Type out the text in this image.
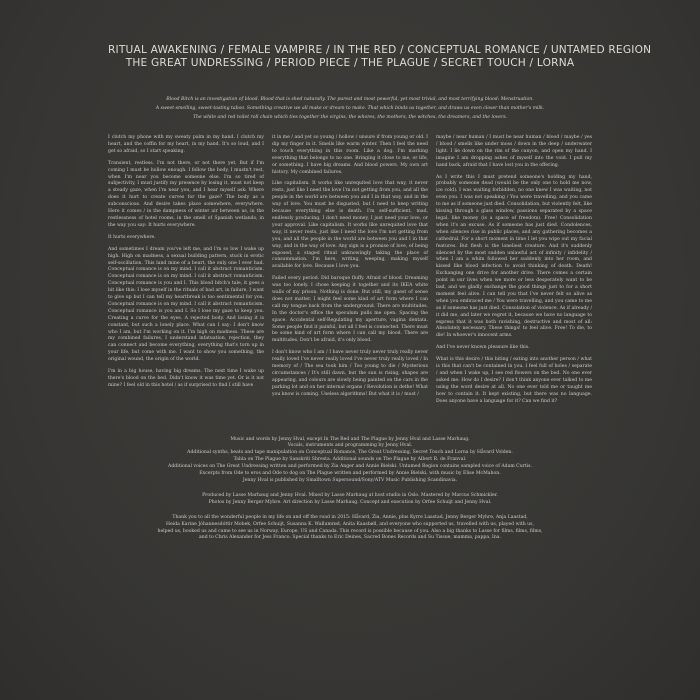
RITUAL AWAKENING / FEMALE VAMPIRE / IN THE RED / CONCEPTUAL ROMANCE / UNTAMED REGION
THE GREAT UNDRESSING / PERIOD PIECE / THE PLAGUE / SECRET TOUCH / LORNA

Blood Bitch is an investigation of blood. Blood that is shed naturally. The purest and most powerful, yet most trivial, and most terrifying blood: Menstruation.

A sweet-smelling, sweet-tasting taboo. Something creative we all make or dream to make. That which binds us together, and draws us even closer than mother's milk.

The white and red toilet roll chain which ties together the virgins, the whores, the mothers, the witches, the dreamers, and the lovers.

I clutch my phone with my sweaty palm in my hand. I clutch my heart, and the coffin for my heart, in my hand. It's so loud, and I get so afraid, so I start speaking.

Transient, restless. I'm not there, or not there yet. But if I'm coming I must be hollow enough. I follow the body, I mustn't rest, when I'm near you become someone else. I'm so tired of subjectivity, I must justify my presence by losing it, must not keep a steady gaze, when I'm near you, and I hear myself ask: Where does it hurt to create curves for the gaze? The body as a subconscious. And desire takes place somewhere, everywhere. Here it comes / in the dampness of winter air between us, in the restlessness of hotel rooms, in the smell of Spanish wetlands, in the way you say: It hurts everywhere.

It hurts everywhere.

And sometimes I dream you've left me, and I'm so low I wake up high. High on madness, a sexual building pattern, stuck in erotic self-oscillation. This land mine of a heart, the only one I ever had. Conceptual romance is on my mind. I call it abstract romanticism. Conceptual romance is on my mind. I call it abstract romanticism. Conceptual romance is you and I. This blood bitch's tale, it goes a bit like this: I lose myself in the rituals of bad art, in failure, I want to give up but I can tell my heartbreak is too sentimental for you. Conceptual romance is on my mind. I call it abstract romanticism. Conceptual romance is you and I. So I lose my gaze to keep you. Creating a curve for the eyes. A rejected body. And losing it is constant, but such a lonely place. What can I say: I don't know who I am, but I'm working on it. I'm high on madness. These are my combined failures, I understand infatuation, rejection, they can connect and become everything, everything that's torn up in your life, but come with me. I want to show you something, the original wound, the origin of the world.

I'm in a big house, having big dreams. The next time I wake up there's blood on the bed. Didn't know it was time yet. Or is it not mine? I feel old in this hotel / as if surprised to find I still have

it in me / and yet so young / hollow / unsure if from young or old. I dip my finger in it. Smells like warm winter. Then I feel the need to touch everything in this room. Like a dog. I'm marking everything that belongs to no one. Bringing it close to me, or life, or something. I have big dreams. And blood powers. My own art history. My combined failures.

Like capitalism. It works like unrequited love that way, it never rests, just like I need the love I'm not getting from you, and all the people in the world are between you and I in that way, and in the way of love. You must be disgusted, but I need to keep writing because everything else is death. I'm self-sufficient, mad, endlessly producing. I don't need money, I just need your love, or your approval. Like capitalism. It works like unrequited love that way, it never rests, just like I need the love I'm not getting from you, and all the people in the world are between you and I in that way, and in the way of love. Any sign is a promise of love, of being exposed, a staged ritual unknowingly taking the place of consummation. I'm here, writing, weeping, making myself available for love. Because I love you.

Failed every period. Did baroque fluffy. Afraid of blood. Dreaming was too lonely. I chose keeping it together and its IKEA white walls of my prison. Nothing is done. But still, my guest of sense does not matter, I might feel some kind of art form where I can call my tongue back from the underground. There are multitudes. In the doctor's office the speculum pulls me open. Spacing the space. Accidental self-Regulating my aperture, vagina dentata. Some people find it painful, but all I feel is connected. There must be some kind of art form where I can call my blood. There are multitudes. Don't be afraid, it's only blood.

I don't know who I am / I have never truly never truly really never really loved I've never really loved I've never truly really loved / In memory of / The sea took him / Too young to die / Mysterious circumstances / It's still dawn, but the sun is rising, shapes are appearing, and colours are slowly being painted on the cars in the parking lot and on her internal organs / Revolution is dethe! What you know is coming. Useless algorithms! But what it is / must /

maybe / near human / I must be near human / blood / maybe / yes / blood / smells like under moss / down in the deep / underwater light. I lie down on the rim of the canyon, and open my hand. I imagine I am dropping ashes of myself into the void. I pull my hand back, afraid that I have lost you in the offering.

As I write this I must pretend someone's holding my hand, probably someone dead (would be the only one to hold me now, ice cold). I was waiting forbidden, no one knew I was waiting, not even you. I was not speaking / You were travelling, and you came to me as if someone just died. Consolidation, but violently felt, like kissing through a glass window, passions separated by a space legal, like money (is a space of freedom). Free! Consolidation when it's an excuse. As if someone has just died. Condolences, when silences rise in public places, and any gathering becomes a cathedral. For a short moment in time I let you wipe out my facial features. But flesh is the loneliest creature. And it's suddenly silenced by the most sudden unlawful act of infinity / infidelity / when I am a whim followed her suddenly into her room, and kissed like blood infection to avoid thinking of death. Death! Exchanging one drive for another drive. There comes a certain point in our lives when we more or less desperately want to be bad, and we gladly exchange the good things just to for a short moment feel alive. I can tell you that I've never felt so alive as when you embraced me / You were travelling, and you came to me as if someone has just died. Consolation of violence. As if already / it did me, and later we regret it, because we have no language to express that it was both ravishing, destructive and most of all: Absolutely necessary. These things! to feel alive. Free! To die, to die! In whoever's innocent arms.

And I've never known pleasure like this.

What is this desire / this biting / eating into another person / what is this that can't be contained in you. I feel full of holes / separate / and when I wake up, I see red flowers on the bed. No one ever asked me: How do I desire? I don't think anyone ever talked to me using the word desire at all. No one ever told me or taught me how to contain it. It kept existing, but there was no language. Does anyone have a language for it? Can we find it?

Music and words by Jenny Hval, except In The Red and The Plague by Jenny Hval and Lasse Marhaug.

Vocals, instruments and programming by Jenny Hval.

Additional synths, beats and tape manipulation on Conceptual Romance, The Great Undressing, Secret Touch and Lorna by Håvard Volden.

Tabla on The Plague by Sanskriti Shresta. Additional sounds on The Plague by Albert R. de Franval.

Additional voices on The Great Undressing written and performed by Zia Anger and Annie Bielski. Untamed Region contains sampled voice of Adam Curtis.

Excerpts from Ode to eros and Ode to dog on The Plague written and performed by Annie Bielski, with music by Elise McMahon.

Jenny Hval is published by Smalltown Supersound/Sony/ATV Music Publishing Scandinavia.

Produced by Lasse Marhaug and Jenny Hval. Mixed by Lasse Marhaug at host studio in Oslo. Mastered by Marcus Schmickler.

Photos by Jenny Berger Myhre. Art direction by Lasse Marhaug. Concept and execution by Orfee Schuijt and Jenny Hval.

Thank you to all the wonderful people in my life on and off the road in 2015: Håvard, Zia, Annie, plus Kyrre Laastad, Jenny Berger Myhre, Anja Laastad,

Heida Karine Jóhannesdóttir Mobek, Orfee Schuijt, Susanna K. Wallumrød, Anita Kaasbøll, and everyone who supported us, travelled with us, played with us,

helped us, booked us and came to see us in Norway, Europe, US and Canada. This record is possible because of you. Also a big thanks to Lasse for films, films, films,

and to Chris Alexander for Jess Franco. Special thanks to Eric Deines, Sacred Bones Records and Su Tissue, mamma, pappa, Ina.
